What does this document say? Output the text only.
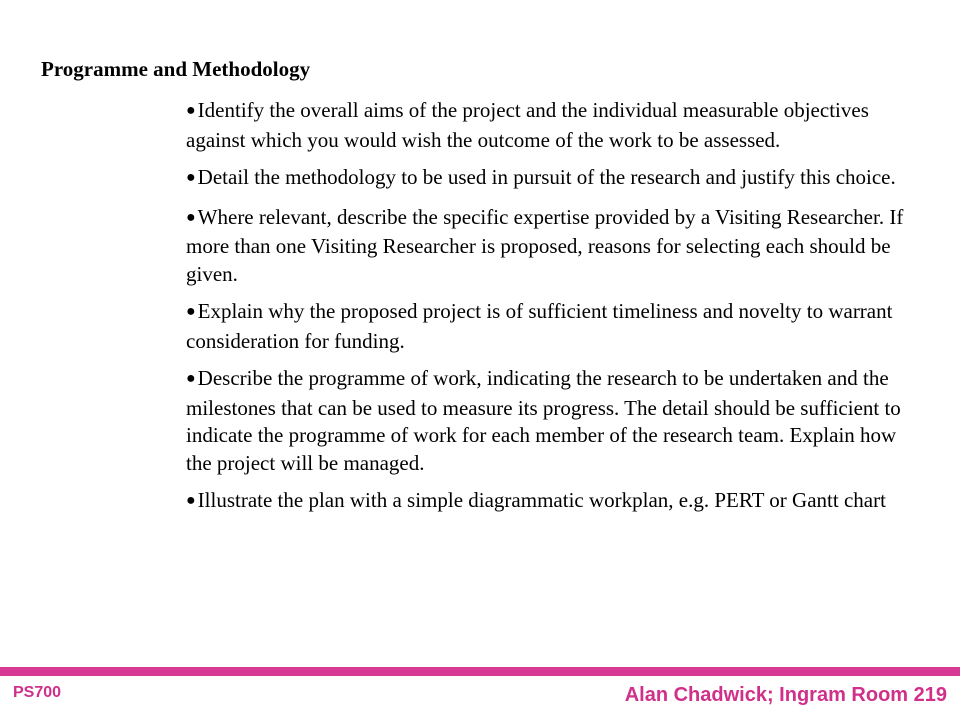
Programme and Methodology
●Identify the overall aims of the project and the individual measurable objectives against which you would wish the outcome of the work to be assessed.
●Detail the methodology to be used in pursuit of the research and justify this choice.
●Where relevant, describe the specific expertise provided by a Visiting Researcher. If more than one Visiting Researcher is proposed, reasons for selecting each should be given.
●Explain why the proposed project is of sufficient timeliness and novelty to warrant consideration for funding.
●Describe the programme of work, indicating the research to be undertaken and the milestones that can be used to measure its progress. The detail should be sufficient to indicate the programme of work for each member of the research team. Explain how the project will be managed.
●Illustrate the plan with a simple diagrammatic workplan, e.g. PERT or Gantt chart

PS700	Alan Chadwick; Ingram Room 219
